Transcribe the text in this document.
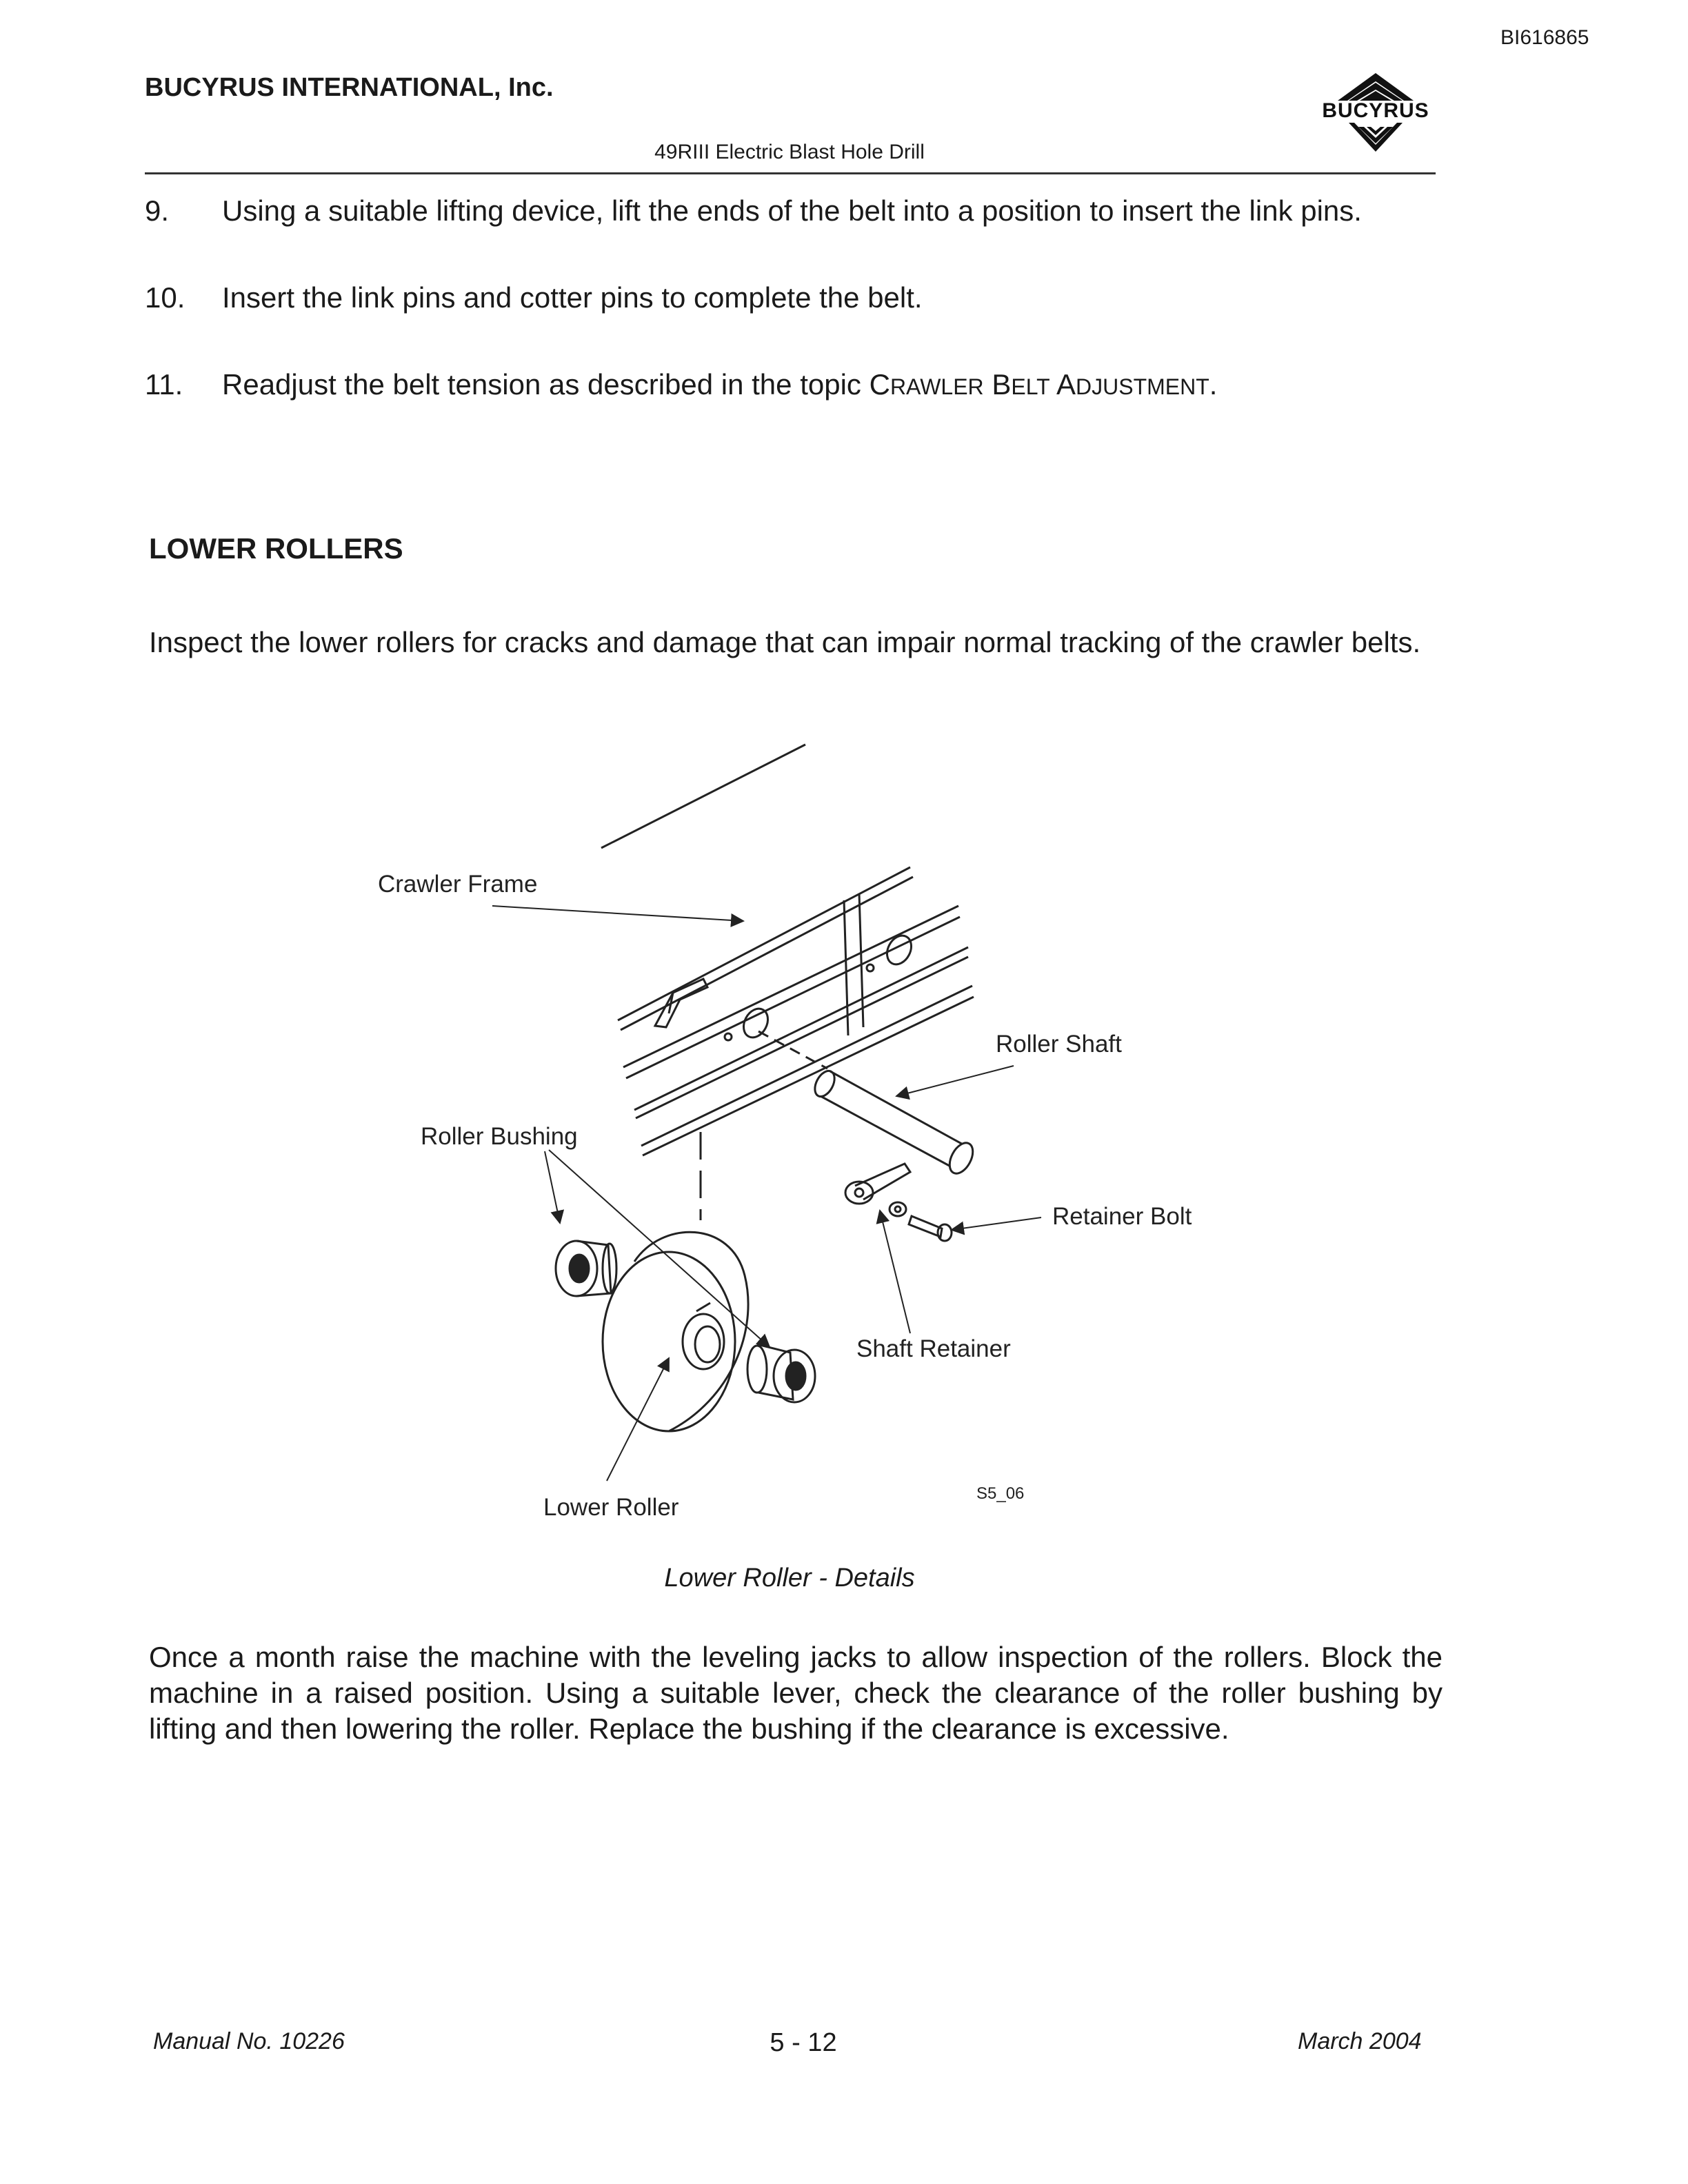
BI616865
BUCYRUS INTERNATIONAL, Inc.
BUCYRUS
49RIII Electric Blast Hole Drill
9. Using a suitable lifting device, lift the ends of the belt into a position to insert the link pins.
10. Insert the link pins and cotter pins to complete the belt.
11. Readjust the belt tension as described in the topic CRAWLER BELT ADJUSTMENT.
LOWER ROLLERS
Inspect the lower rollers for cracks and damage that can impair normal tracking of the crawler belts.
Crawler Frame
Roller Shaft
Roller Bushing
Retainer Bolt
Shaft Retainer
Lower Roller
S5_06
Lower Roller - Details
Once a month raise the machine with the leveling jacks to allow inspection of the rollers. Block the machine in a raised position. Using a suitable lever, check the clearance of the roller bushing by lifting and then lowering the roller. Replace the bushing if the clearance is excessive.
Manual No. 10226	5 - 12	March 2004
